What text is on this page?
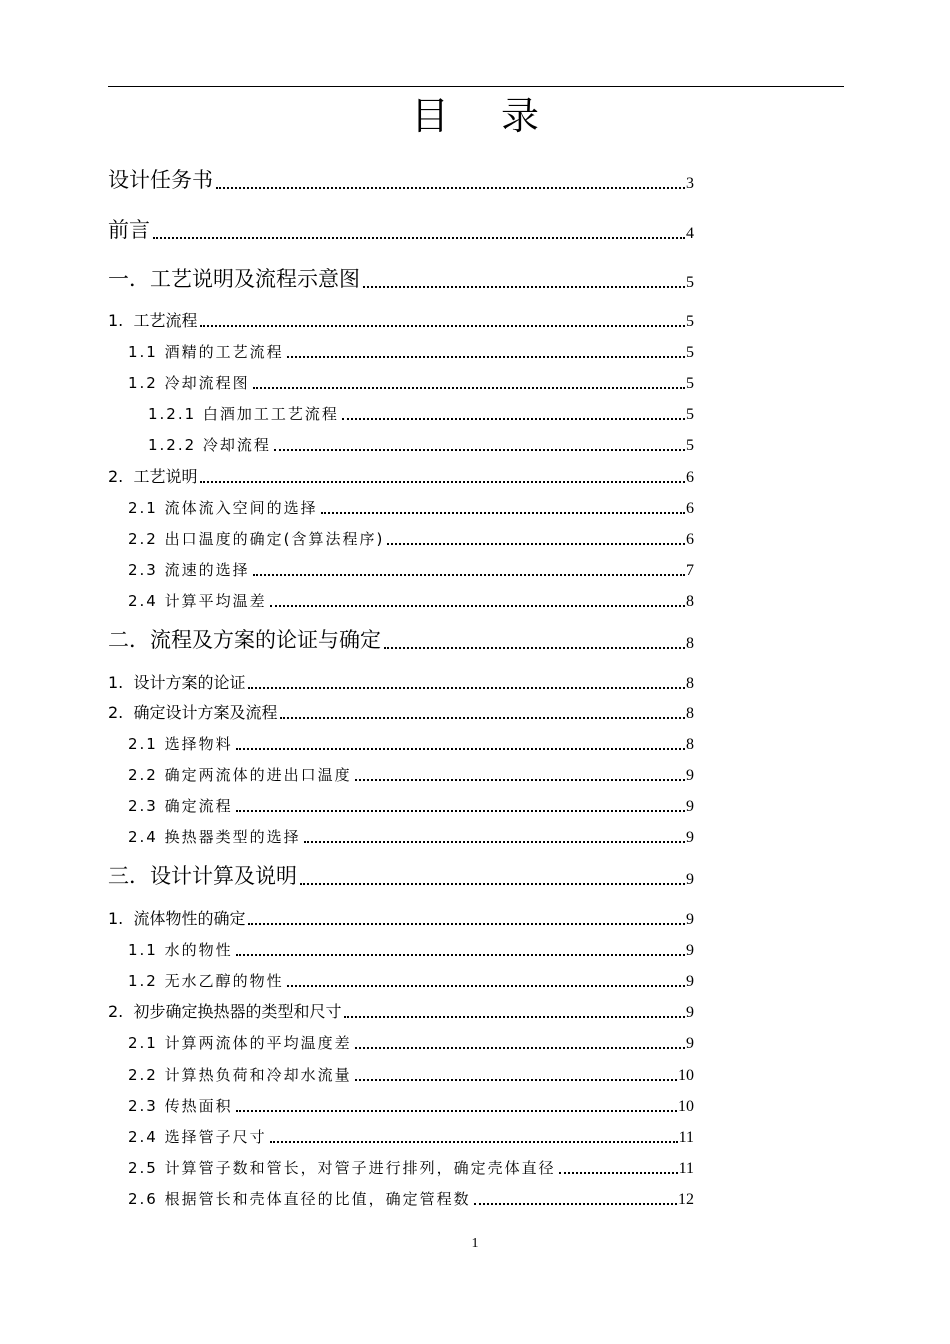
目 录
设计任务书	3
前言	4
一．工艺说明及流程示意图	5
1.  工艺流程	5
1.1 酒精的工艺流程	5
1.2 冷却流程图	5
1.2.1 白酒加工工艺流程	5
1.2.2 冷却流程	5
2.  工艺说明	6
2.1 流体流入空间的选择	6
2.2 出口温度的确定(含算法程序)	6
2.3 流速的选择	7
2.4 计算平均温差	8
二．流程及方案的论证与确定	8
1.  设计方案的论证	8
2.  确定设计方案及流程	8
2.1 选择物料	8
2.2 确定两流体的进出口温度	9
2.3 确定流程	9
2.4 换热器类型的选择	9
三．设计计算及说明	9
1.  流体物性的确定	9
1.1 水的物性	9
1.2 无水乙醇的物性	9
2.  初步确定换热器的类型和尺寸	9
2.1 计算两流体的平均温度差	9
2.2 计算热负荷和冷却水流量	10
2.3 传热面积	10
2.4 选择管子尺寸	11
2.5 计算管子数和管长，对管子进行排列，确定壳体直径	11
2.6 根据管长和壳体直径的比值，确定管程数	12
1
